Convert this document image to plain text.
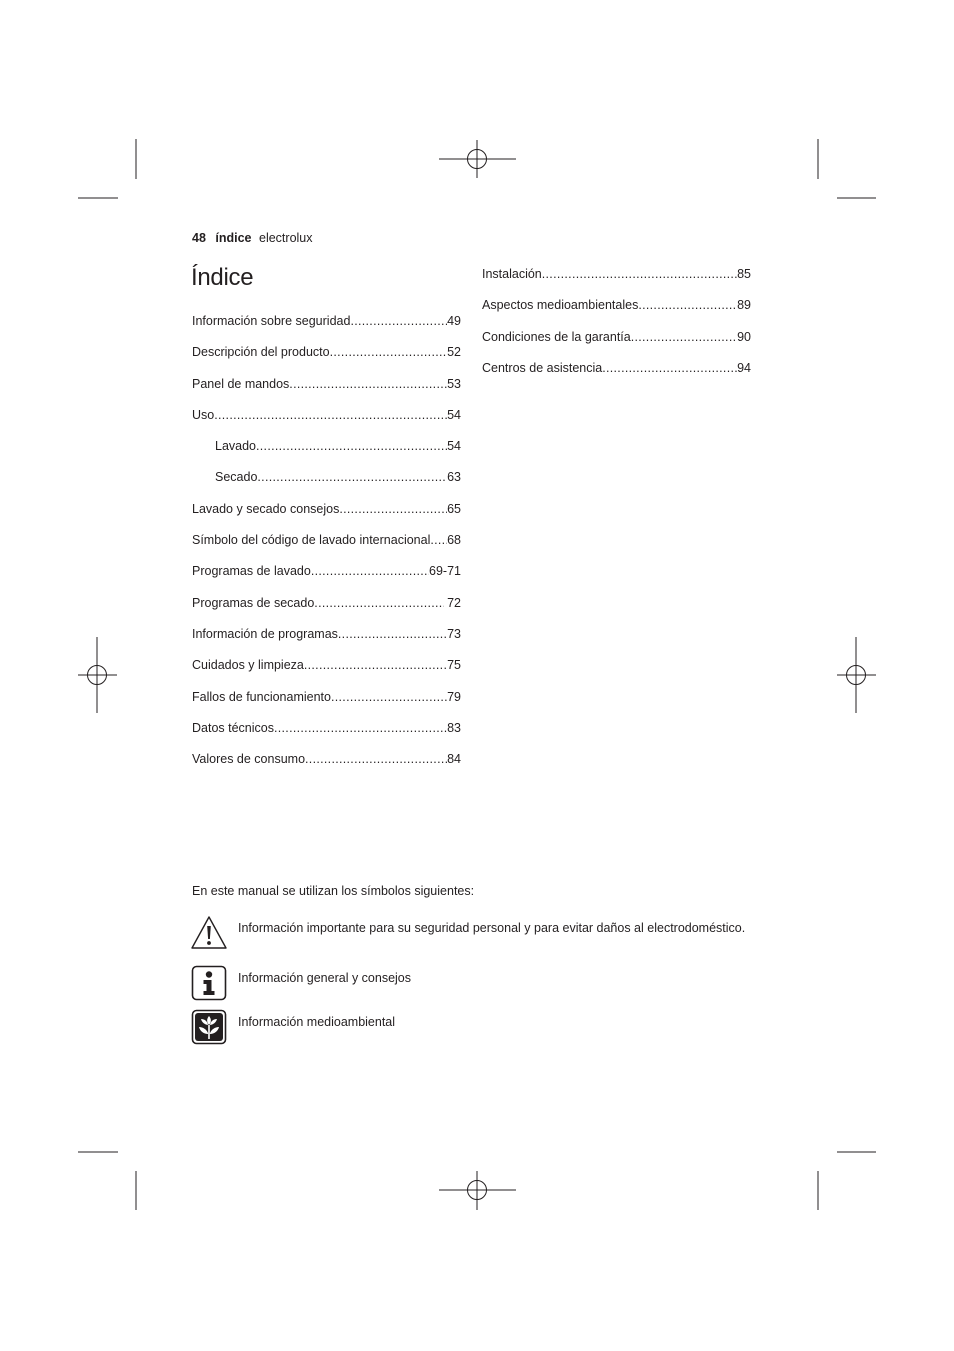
48 índice electrolux
Índice
Información sobre seguridad .....	49
Descripción del producto .....	52
Panel de mandos .....	53
Uso .....	54
Lavado .....	54
Secado .....	63
Lavado y secado consejos .....	65
Símbolo del código de lavado internacional ..... 68
Programas de lavado .....	69-71
Programas de secado .....	72
Información de programas .....	73
Cuidados y limpieza .....	75
Fallos de funcionamiento .....	79
Datos técnicos .....	83
Valores de consumo .....	84
Instalación .....	85
Aspectos medioambientales .....	89
Condiciones de la garantía .....	90
Centros de asistencia .....	94
En este manual se utilizan los símbolos siguientes:
Información importante para su seguridad personal y para evitar daños al electrodoméstico.
Información general y consejos
Información medioambiental
